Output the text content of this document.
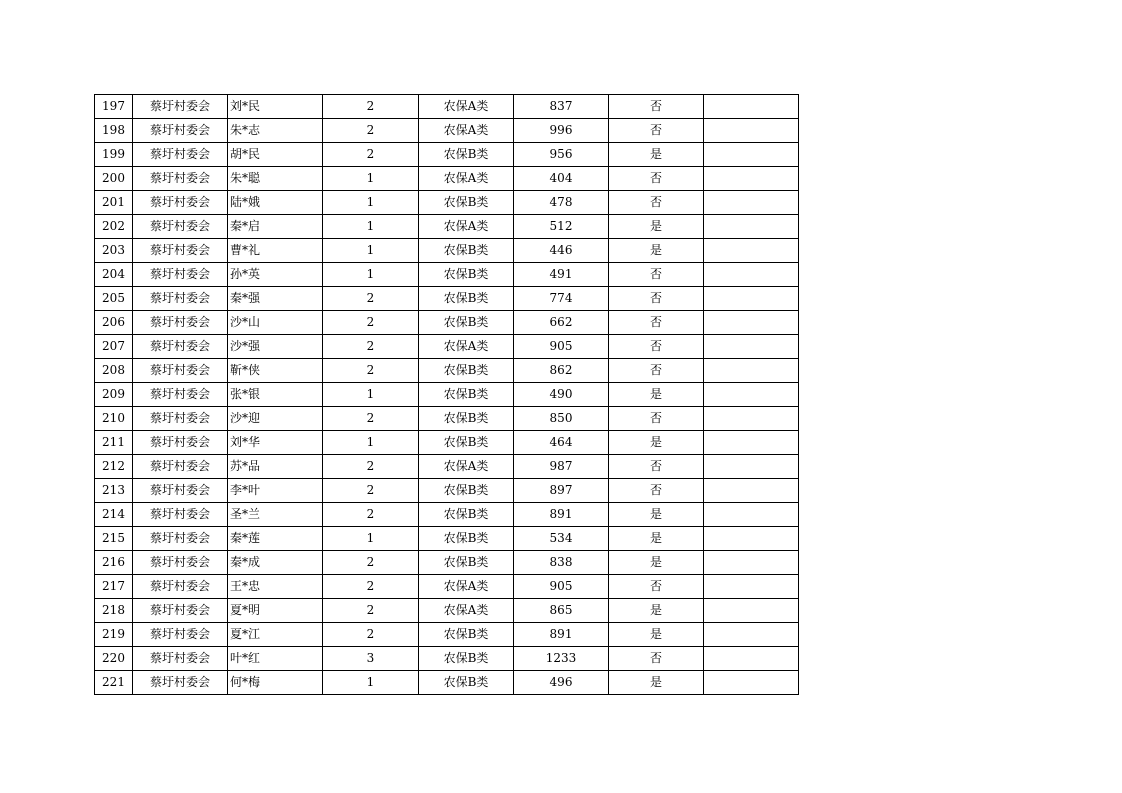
197	蔡圩村委会	刘*民	2	农保A类	837	否	
198	蔡圩村委会	朱*志	2	农保A类	996	否	
199	蔡圩村委会	胡*民	2	农保B类	956	是	
200	蔡圩村委会	朱*聪	1	农保A类	404	否	
201	蔡圩村委会	陆*娥	1	农保B类	478	否	
202	蔡圩村委会	秦*启	1	农保A类	512	是	
203	蔡圩村委会	曹*礼	1	农保B类	446	是	
204	蔡圩村委会	孙*英	1	农保B类	491	否	
205	蔡圩村委会	秦*强	2	农保B类	774	否	
206	蔡圩村委会	沙*山	2	农保B类	662	否	
207	蔡圩村委会	沙*强	2	农保A类	905	否	
208	蔡圩村委会	靳*侠	2	农保B类	862	否	
209	蔡圩村委会	张*银	1	农保B类	490	是	
210	蔡圩村委会	沙*迎	2	农保B类	850	否	
211	蔡圩村委会	刘*华	1	农保B类	464	是	
212	蔡圩村委会	苏*品	2	农保A类	987	否	
213	蔡圩村委会	李*叶	2	农保B类	897	否	
214	蔡圩村委会	圣*兰	2	农保B类	891	是	
215	蔡圩村委会	秦*莲	1	农保B类	534	是	
216	蔡圩村委会	秦*成	2	农保B类	838	是	
217	蔡圩村委会	王*忠	2	农保A类	905	否	
218	蔡圩村委会	夏*明	2	农保A类	865	是	
219	蔡圩村委会	夏*江	2	农保B类	891	是	
220	蔡圩村委会	叶*红	3	农保B类	1233	否	
221	蔡圩村委会	何*梅	1	农保B类	496	是	
